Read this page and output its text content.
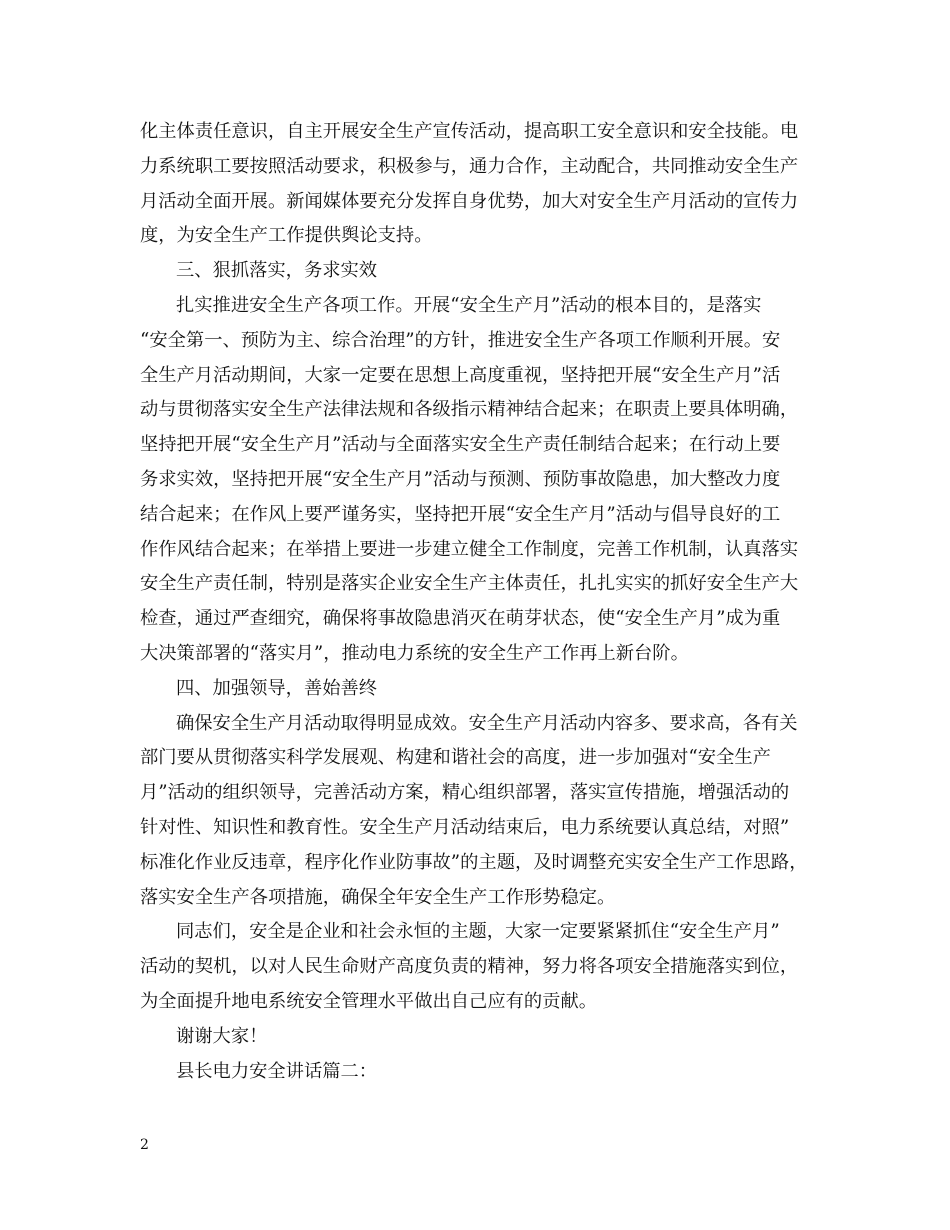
化主体责任意识，自主开展安全生产宣传活动，提高职工安全意识和安全技能。电
力系统职工要按照活动要求，积极参与，通力合作，主动配合，共同推动安全生产
月活动全面开展。新闻媒体要充分发挥自身优势，加大对安全生产月活动的宣传力
度，为安全生产工作提供舆论支持。
三、狠抓落实，务求实效
扎实推进安全生产各项工作。开展“安全生产月”活动的根本目的，是落实
“安全第一、预防为主、综合治理”的方针，推进安全生产各项工作顺利开展。安
全生产月活动期间，大家一定要在思想上高度重视，坚持把开展“安全生产月”活
动与贯彻落实安全生产法律法规和各级指示精神结合起来；在职责上要具体明确，
坚持把开展“安全生产月”活动与全面落实安全生产责任制结合起来；在行动上要
务求实效，坚持把开展“安全生产月”活动与预测、预防事故隐患，加大整改力度
结合起来；在作风上要严谨务实，坚持把开展“安全生产月”活动与倡导良好的工
作作风结合起来；在举措上要进一步建立健全工作制度，完善工作机制，认真落实
安全生产责任制，特别是落实企业安全生产主体责任，扎扎实实的抓好安全生产大
检查，通过严查细究，确保将事故隐患消灭在萌芽状态，使“安全生产月”成为重
大决策部署的“落实月”，推动电力系统的安全生产工作再上新台阶。
四、加强领导，善始善终
确保安全生产月活动取得明显成效。安全生产月活动内容多、要求高，各有关
部门要从贯彻落实科学发展观、构建和谐社会的高度，进一步加强对“安全生产
月”活动的组织领导，完善活动方案，精心组织部署，落实宣传措施，增强活动的
针对性、知识性和教育性。安全生产月活动结束后，电力系统要认真总结，对照”
标准化作业反违章，程序化作业防事故”的主题，及时调整充实安全生产工作思路，
落实安全生产各项措施，确保全年安全生产工作形势稳定。
同志们，安全是企业和社会永恒的主题，大家一定要紧紧抓住“安全生产月”
活动的契机，以对人民生命财产高度负责的精神，努力将各项安全措施落实到位，
为全面提升地电系统安全管理水平做出自己应有的贡献。
谢谢大家！
县长电力安全讲话篇二：
2
